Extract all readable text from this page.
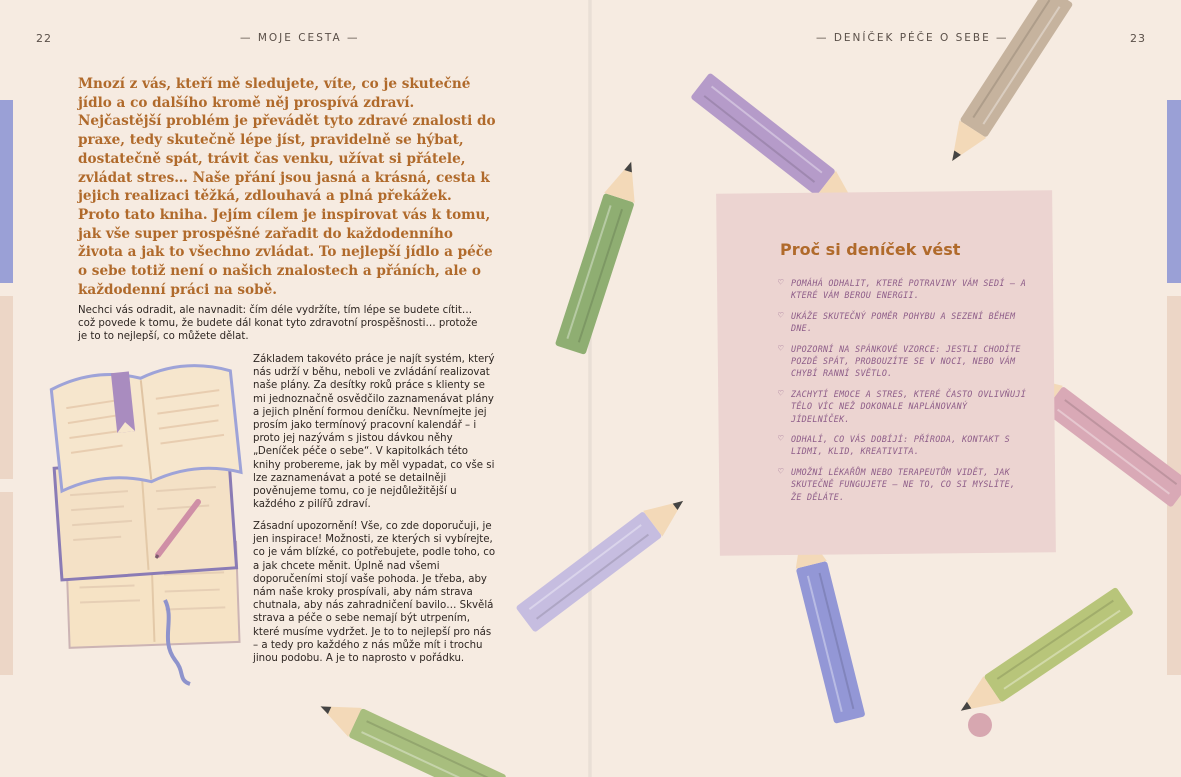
22	— MOJE CESTA —

Mnozí z vás, kteří mě sledujete, víte, co je skutečné jídlo a co dalšího kromě něj prospívá zdraví. Nejčastější problém je převádět tyto zdravé znalosti do praxe, tedy skutečně lépe jíst, pravidelně se hýbat, dostatečně spát, trávit čas venku, užívat si přátele, zvládat stres… Naše přání jsou jasná a krásná, cesta k jejich realizaci těžká, zdlouhavá a plná překážek. Proto tato kniha. Jejím cílem je inspirovat vás k tomu, jak vše super prospěšné zařadit do každodenního života a jak to všechno zvládat. To nejlepší jídlo a péče o sebe totiž není o našich znalostech a přáních, ale o každodenní práci na sobě.

Nechci vás odradit, ale navnadit: čím déle vydržíte, tím lépe se budete cítit… což povede k tomu, že budete dál konat tyto zdravotní prospěšnosti… protože je to to nejlepší, co můžete dělat.

Základem takovéto práce je najít systém, který nás udrží v běhu, neboli ve zvládání realizovat naše plány. Za desítky roků práce s klienty se mi jednoznačně osvědčilo zaznamenávat plány a jejich plnění formou deníčku. Nevnímejte jej prosím jako termínový pracovní kalendář – i proto jej nazývám s jistou dávkou něhy „Deníček péče o sebe“. V kapitolkách této knihy probereme, jak by měl vypadat, co vše si lze zaznamenávat a poté se detailněji pověnujeme tomu, co je nejdůležitější u každého z pilířů zdraví.

Zásadní upozornění! Vše, co zde doporučuji, je jen inspirace! Možnosti, ze kterých si vybírejte, co je vám blízké, co potřebujete, podle toho, co a jak chcete měnit. Úplně nad všemi doporučeními stojí vaše pohoda. Je třeba, aby nám naše kroky prospívali, aby nám strava chutnala, aby nás zahradničení bavilo… Skvělá strava a péče o sebe nemají být utrpením, které musíme vydržet. Je to to nejlepší pro nás – a tedy pro každého z nás může mít i trochu jinou podobu. A je to naprosto v pořádku.

— DENÍČEK PÉČE O SEBE —	23
Proč si deníček vést
♡ POMÁHÁ ODHALIT, KTERÉ POTRAVINY VÁM SEDÍ – A KTERÉ VÁM BEROU ENERGII.
♡ UKÁŽE SKUTEČNÝ POMĚR POHYBU A SEZENÍ BĚHEM DNE.
♡ UPOZORNÍ NA SPÁNKOVÉ VZORCE: JESTLI CHODÍTE POZDĚ SPÁT, PROBOUZÍTE SE V NOCI, NEBO VÁM CHYBÍ RANNÍ SVĚTLO.
♡ ZACHYTÍ EMOCE A STRES, KTERÉ ČASTO OVLIVŇUJÍ TĚLO VÍC NEŽ DOKONALE NAPLÁNOVANÝ JÍDELNÍČEK.
♡ ODHALÍ, CO VÁS DOBÍJÍ: PŘÍRODA, KONTAKT S LIDMI, KLID, KREATIVITA.
♡ UMOŽNÍ LÉKAŘŮM NEBO TERAPEUTŮM VIDĚT, JAK SKUTEČNĚ FUNGUJETE – NE TO, CO SI MYSLÍTE, ŽE DĚLÁTE.
